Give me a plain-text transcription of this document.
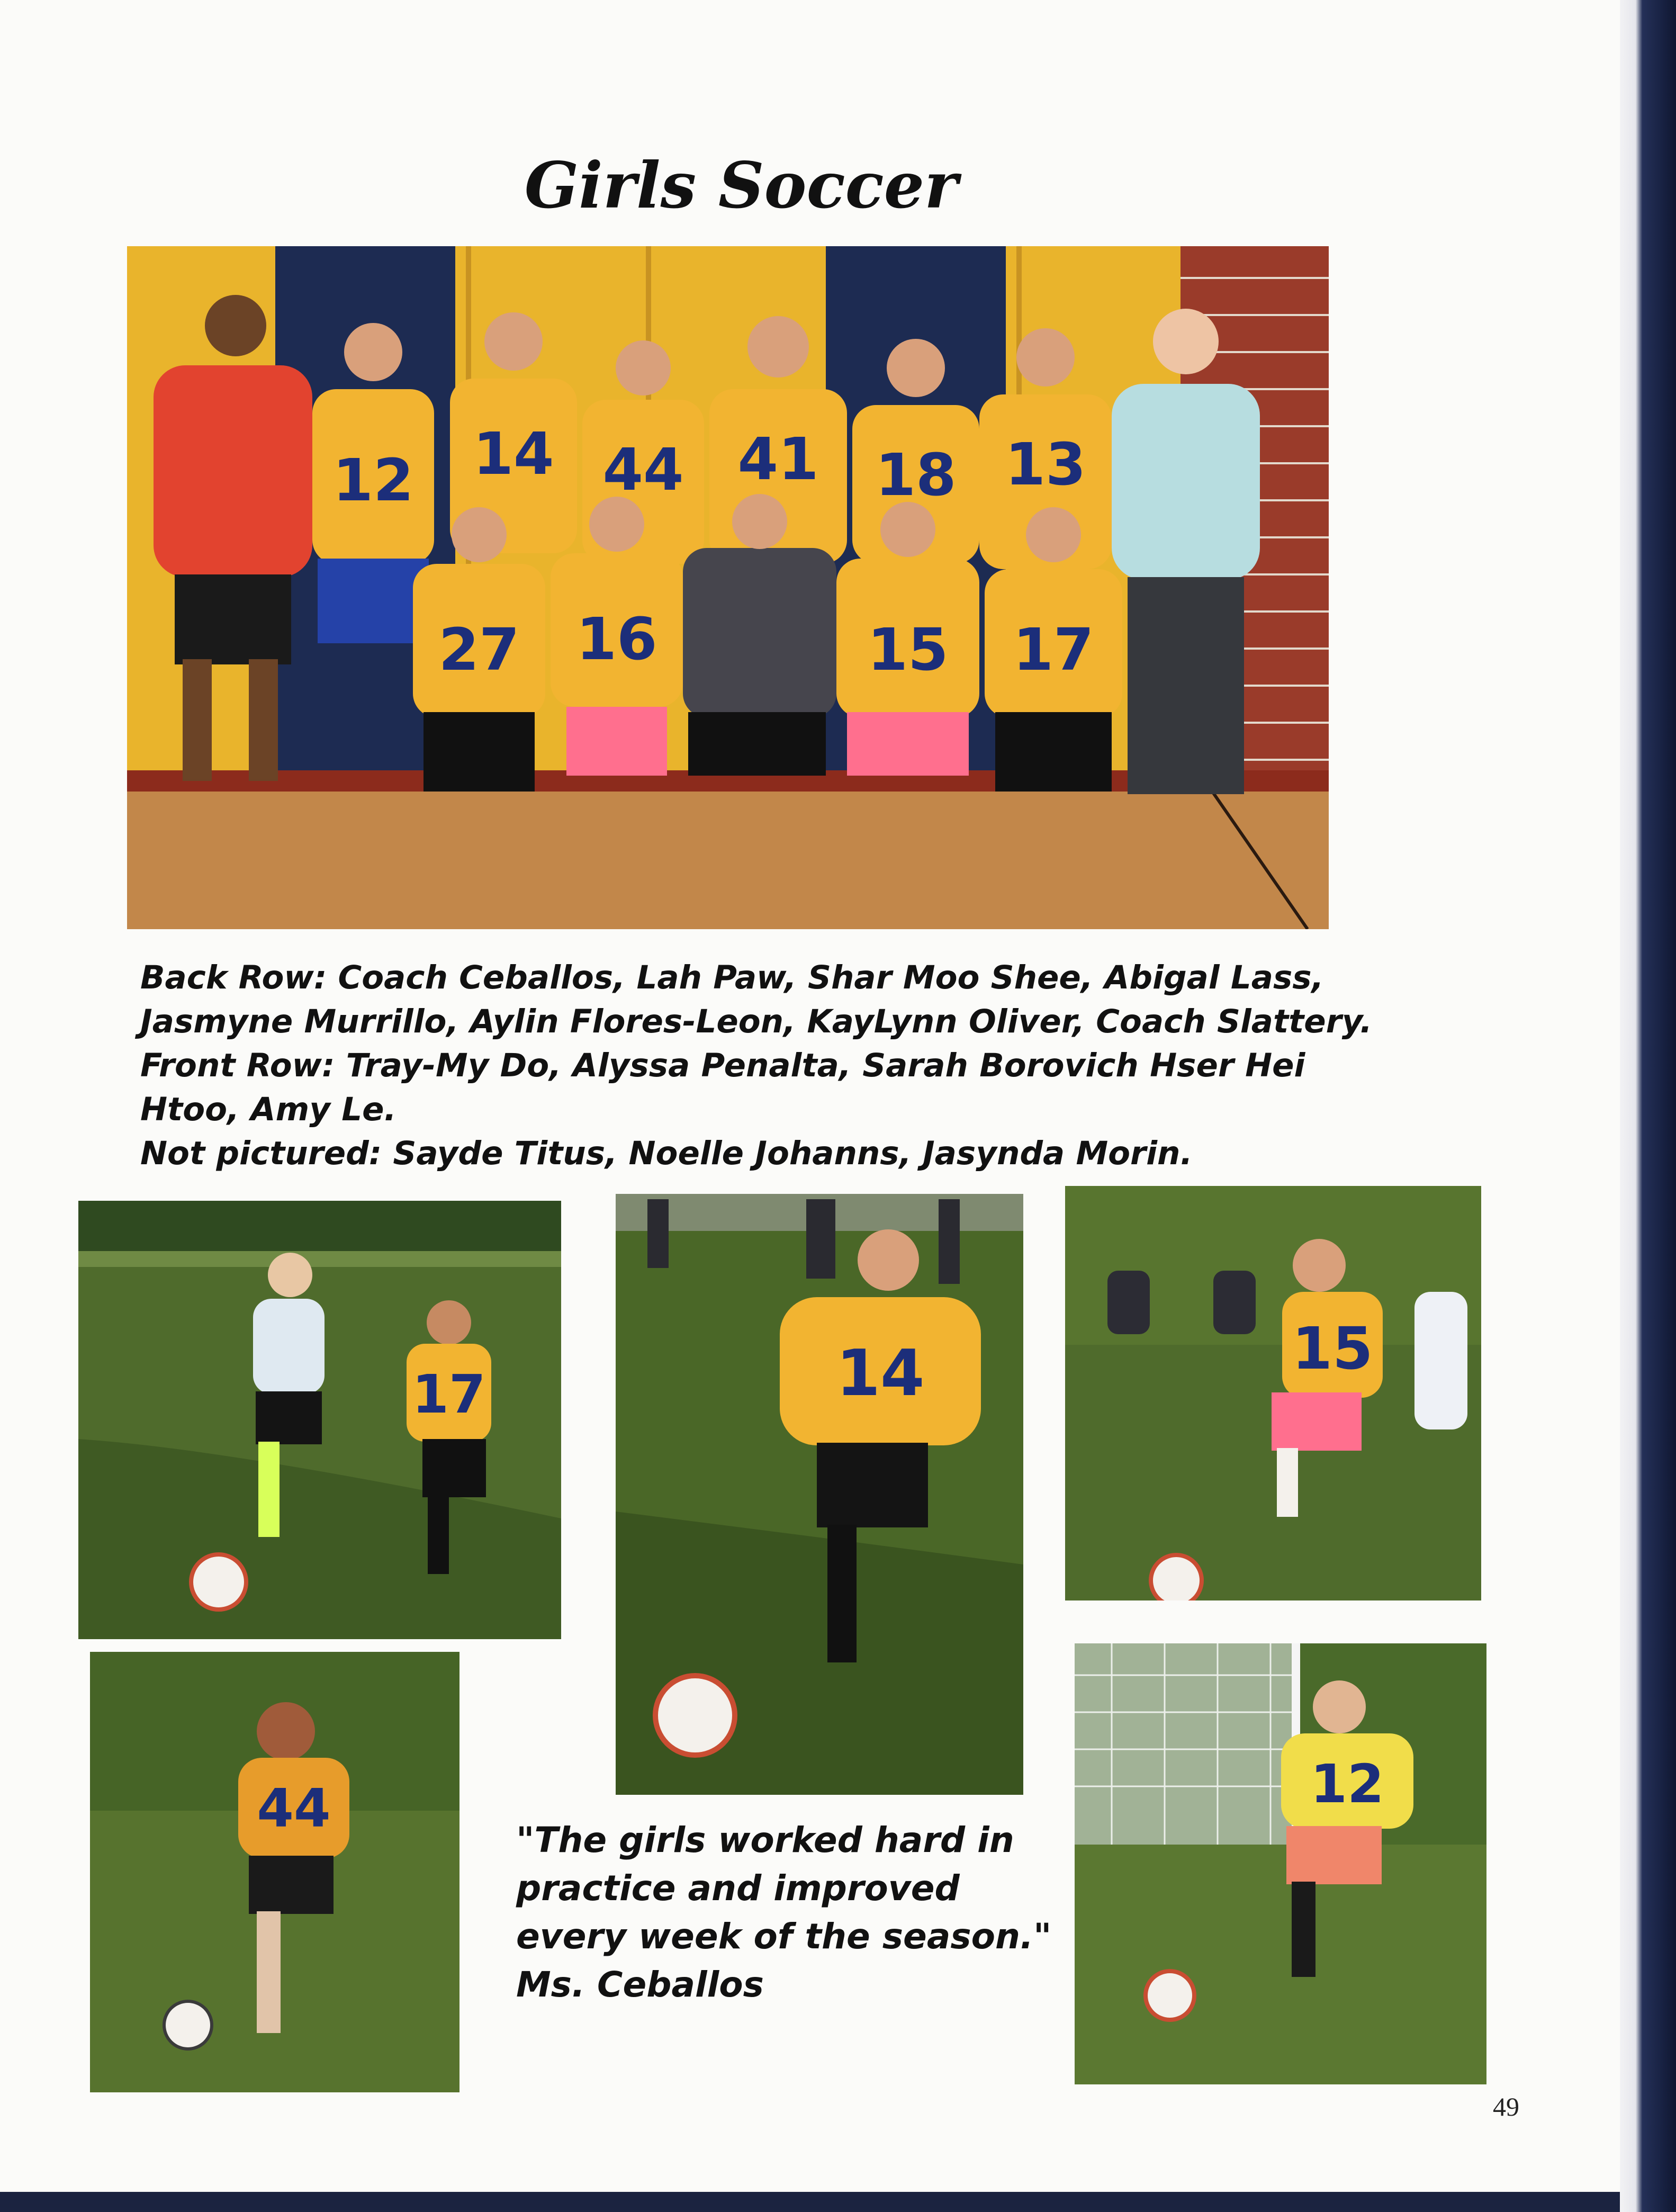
Girls Soccer
12 14 44 41 18 13
27 16	15 17

Back Row: Coach Ceballos, Lah Paw, Shar Moo Shee, Abigal Lass, Jasmyne Murrillo, Aylin Flores-Leon, KayLynn Oliver, Coach Slattery.

Front Row: Tray-My Do, Alyssa Penalta, Sarah Borovich Hser Hei Htoo, Amy Le.

Not pictured: Sayde Titus, Noelle Johanns, Jasynda Morin.

17	14	15
44	12

"The girls worked hard in practice and improved every week of the season."

Ms. Ceballos

49
